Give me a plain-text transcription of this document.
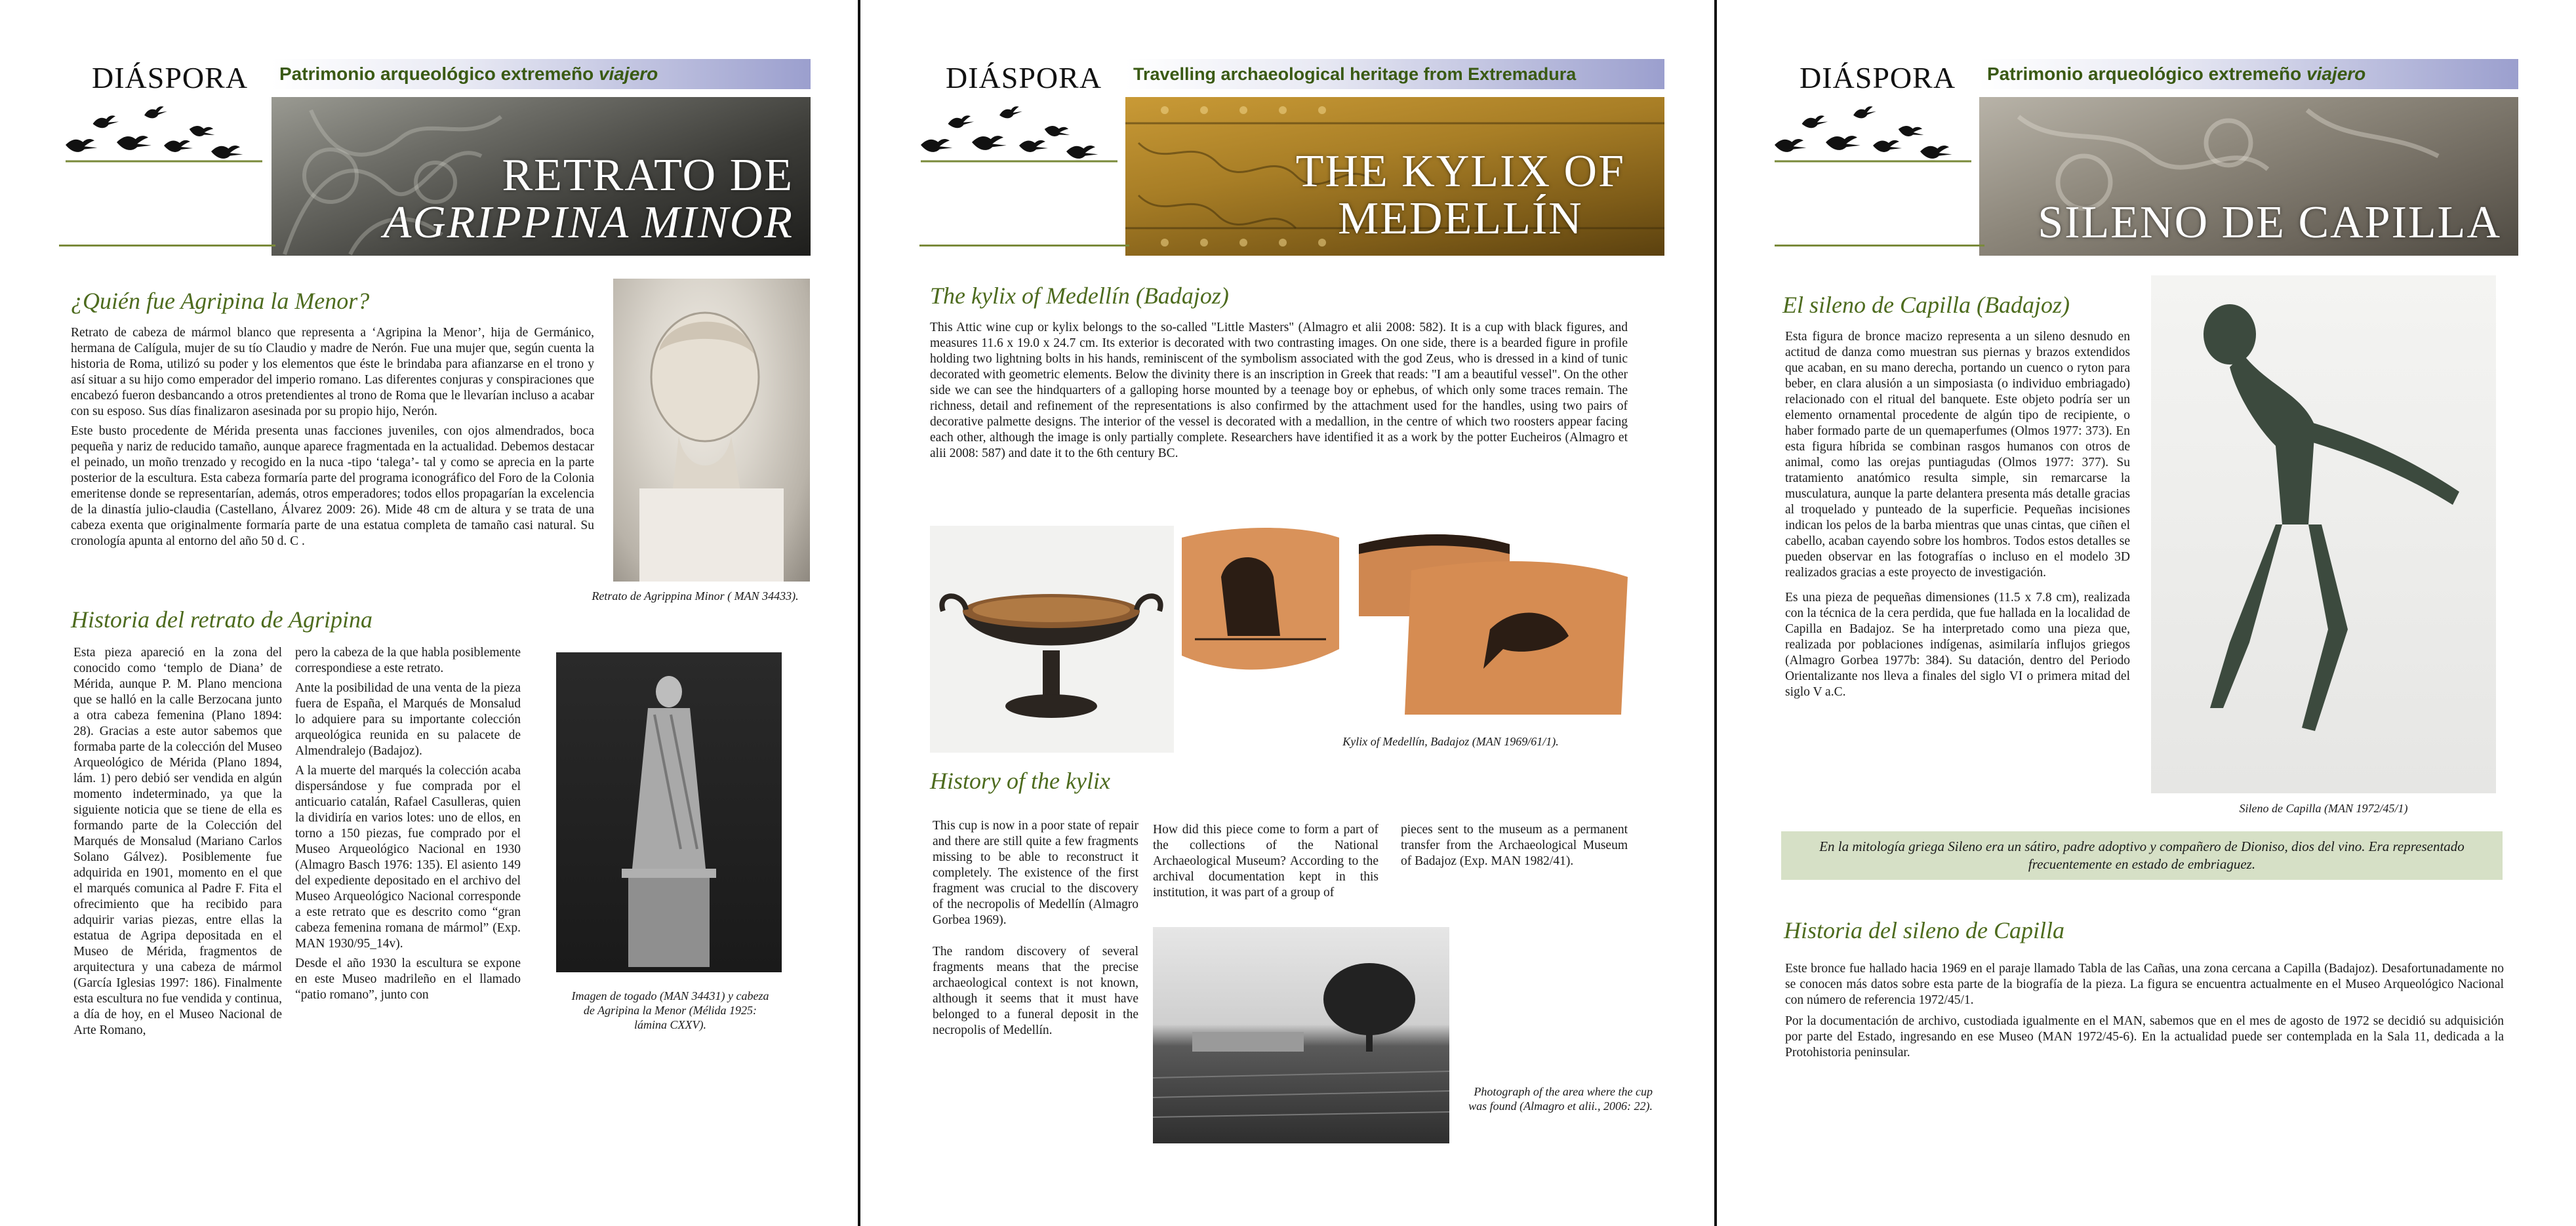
DIÁSPORA	Patrimonio arqueológico extremeño viajero
RETRATO DE
AGRIPPINA MINOR
¿Quién fue Agripina la Menor?

Retrato de cabeza de mármol blanco que representa a ‘Agripina la Menor’, hija de Germánico, hermana de Calígula, mujer de su tío Claudio y madre de Nerón. Fue una mujer que, según cuenta la historia de Roma, utilizó su poder y los elementos que éste le brindaba para afianzarse en el trono y así situar a su hijo como emperador del imperio romano. Las diferentes conjuras y conspiraciones que encabezó fueron desbancando a otros pretendientes al trono de Roma que le llevarían incluso a acabar con su esposo. Sus días finalizaron asesinada por su propio hijo, Nerón.

Este busto procedente de Mérida presenta unas facciones juveniles, con ojos almendrados, boca pequeña y nariz de reducido tamaño, aunque aparece fragmentada en la actualidad. Debemos destacar el peinado, un moño trenzado y recogido en la nuca -tipo ‘talega’- tal y como se aprecia en la parte posterior de la escultura. Esta cabeza formaría parte del programa iconográfico del Foro de la Colonia emeritense donde se representarían, además, otros emperadores; todos ellos propagarían la excelencia de la dinastía julio-claudia (Castellano, Álvarez 2009: 26). Mide 48 cm de altura y se trata de una cabeza exenta que originalmente formaría parte de una estatua completa de tamaño casi natural. Su cronología apunta al entorno del año 50 d. C .

Retrato de Agrippina Minor ( MAN 34433).
Historia del retrato de Agripina

Esta pieza apareció en la zona del conocido como ‘templo de Diana’ de Mérida, aunque P. M. Plano menciona que se halló en la calle Berzocana junto a otra cabeza femenina (Plano 1894: 28). Gracias a este autor sabemos que formaba parte de la colección del Museo Arqueológico de Mérida (Plano 1894, lám. 1) pero debió ser vendida en algún momento indeterminado, ya que la siguiente noticia que se tiene de ella es formando parte de la Colección del Marqués de Monsalud (Mariano Carlos Solano Gálvez). Posiblemente fue adquirida en 1901, momento en el que el marqués comunica al Padre F. Fita el ofrecimiento que ha recibido para adquirir varias piezas, entre ellas la estatua de Agripa depositada en el Museo de Mérida, fragmentos de arquitectura y una cabeza de mármol (García Iglesias 1997: 186). Finalmente esta escultura no fue vendida y continua, a día de hoy, en el Museo Nacional de Arte Romano,

pero la cabeza de la que habla posiblemente correspondiese a este retrato.

Ante la posibilidad de una venta de la pieza fuera de España, el Marqués de Monsalud lo adquiere para su importante colección arqueológica reunida en su palacete de Almendralejo (Badajoz).

A la muerte del marqués la colección acaba dispersándose y fue comprada por el anticuario catalán, Rafael Casulleras, quien la dividiría en varios lotes: uno de ellos, en torno a 150 piezas, fue comprado por el Museo Arqueológico Nacional en 1930 (Almagro Basch 1976: 135). El asiento 149 del expediente depositado en el archivo del Museo Arqueológico Nacional corresponde a este retrato que es descrito como “gran cabeza femenina romana de mármol” (Exp. MAN 1930/95_14v).

Desde el año 1930 la escultura se expone en este Museo madrileño en el llamado “patio romano”, junto con	Imagen de togado (MAN 34431) y cabeza de Agripina la Menor (Mélida 1925: lámina CXXV).
DIÁSPORA	Travelling archaeological heritage from Extremadura
THE KYLIX OF
MEDELLÍN
The kylix of Medellín (Badajoz)

This Attic wine cup or kylix belongs to the so-called "Little Masters" (Almagro et alii 2008: 582). It is a cup with black figures, and measures 11.6 x 19.0 x 24.7 cm. Its exterior is decorated with two contrasting images. On one side, there is a bearded figure in profile holding two lightning bolts in his hands, reminiscent of the symbolism associated with the god Zeus, who is dressed in a kind of tunic decorated with geometric elements. Below the divinity there is an inscription in Greek that reads: "I am a beautiful vessel". On the other side we can see the hindquarters of a galloping horse mounted by a teenage boy or ephebus, of which only some traces remain. The richness, detail and refinement of the representations is also confirmed by the attachment used for the handles, using two pairs of decorative palmette designs. The interior of the vessel is decorated with a medallion, in the centre of which two roosters appear facing each other, although the image is only partially complete. Researchers have identified it as a work by the potter Eucheiros (Almagro et alii 2008: 587) and date it to the 6th century BC.

Kylix of Medellín, Badajoz (MAN 1969/61/1).
History of the kylix

This cup is now in a poor state of repair and there are still quite a few fragments missing to be able to reconstruct it completely. The existence of the first fragment was crucial to the discovery of the necropolis of Medellín (Almagro Gorbea 1969).

The random discovery of several fragments means that the precise archaeological context is not known, although it seems that it must have belonged to a funeral deposit in the necropolis of Medellín.

How did this piece come to form a part of the collections of the National Archaeological Museum? According to the archival documentation kept in this institution, it was part of a group of

pieces sent to the museum as a permanent transfer from the Archaeological Museum of Badajoz (Exp. MAN 1982/41).

Photograph of the area where the cup was found (Almagro et alii., 2006: 22).
DIÁSPORA	Patrimonio arqueológico extremeño viajero
SILENO DE CAPILLA
El sileno de Capilla (Badajoz)

Esta figura de bronce macizo representa a un sileno desnudo en actitud de danza como muestran sus piernas y brazos extendidos que acaban, en su mano derecha, portando un cuenco o ryton para beber, en clara alusión a un simposiasta (o individuo embriagado) relacionado con el ritual del banquete. Este objeto podría ser un elemento ornamental procedente de algún tipo de recipiente, o haber formado parte de un quemaperfumes (Olmos 1977: 373). En esta figura híbrida se combinan rasgos humanos con otros de animal, como las orejas puntiagudas (Olmos 1977: 377). Su tratamiento anatómico resulta simple, sin remarcarse la musculatura, aunque la parte delantera presenta más detalle gracias al troquelado y punteado de la superficie. Pequeñas incisiones indican los pelos de la barba mientras que unas cintas, que ciñen el cabello, acaban cayendo sobre los hombros. Todos estos detalles se pueden observar en las fotografías o incluso en el modelo 3D realizados gracias a este proyecto de investigación.

Es una pieza de pequeñas dimensiones (11.5 x 7.8 cm), realizada con la técnica de la cera perdida, que fue hallada en la localidad de Capilla en Badajoz. Se ha interpretado como una pieza que, realizada por poblaciones indígenas, asimilaría influjos griegos (Almagro Gorbea 1977b: 384). Su datación, dentro del Periodo Orientalizante nos lleva a finales del siglo VI o primera mitad del siglo V a.C.

Sileno de Capilla (MAN 1972/45/1)
En la mitología griega Sileno era un sátiro, padre adoptivo y compañero de Dioniso, dios del vino. Era representado frecuentemente en estado de embriaguez.
Historia del sileno de Capilla

Este bronce fue hallado hacia 1969 en el paraje llamado Tabla de las Cañas, una zona cercana a Capilla (Badajoz). Desafortunadamente no se conocen más datos sobre esta parte de la biografía de la pieza. La figura se encuentra actualmente en el Museo Arqueológico Nacional con número de referencia 1972/45/1.

Por la documentación de archivo, custodiada igualmente en el MAN, sabemos que en el mes de agosto de 1972 se decidió su adquisición por parte del Estado, ingresando en ese Museo (MAN 1972/45-6). En la actualidad puede ser contemplada en la Sala 11, dedicada a la Protohistoria peninsular.
